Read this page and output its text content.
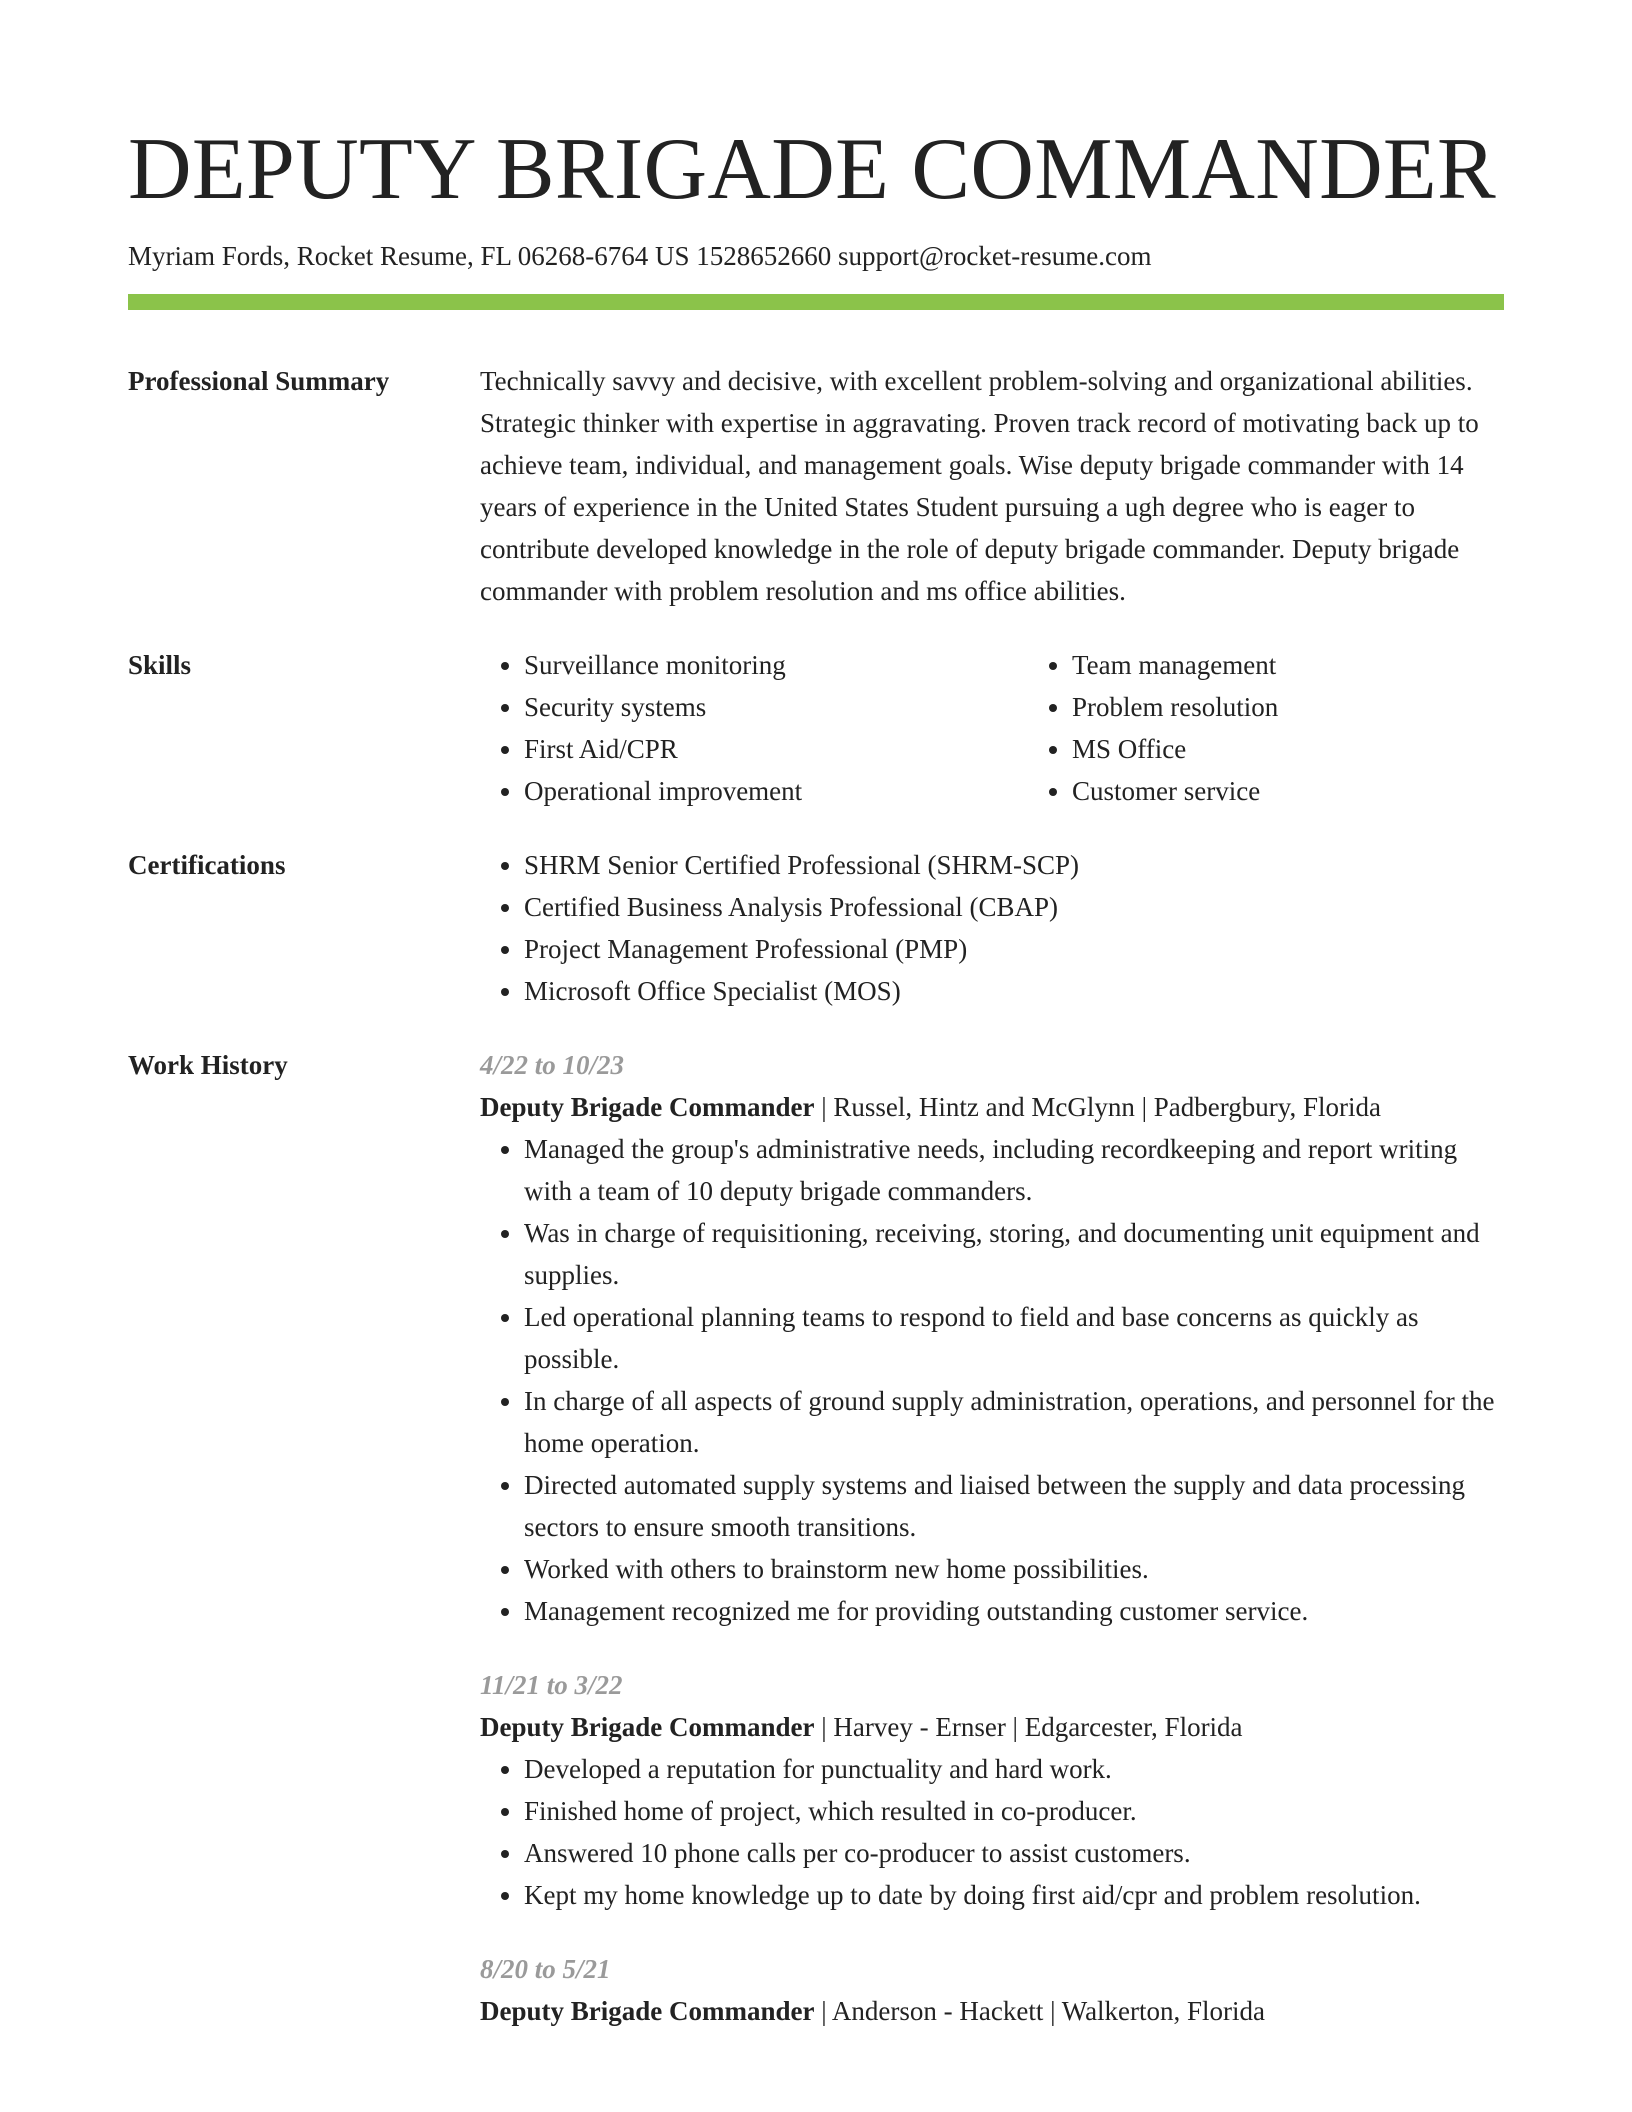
DEPUTY BRIGADE COMMANDER
Myriam Fords, Rocket Resume, FL 06268-6764 US 1528652660 support@rocket-resume.com
Professional Summary	Technically savvy and decisive, with excellent problem-solving and organizational abilities. Strategic thinker with expertise in aggravating. Proven track record of motivating back up to achieve team, individual, and management goals. Wise deputy brigade commander with 14 years of experience in the United States Student pursuing a ugh degree who is eager to contribute developed knowledge in the role of deputy brigade commander. Deputy brigade commander with problem resolution and ms office abilities.

Skills	• Surveillance monitoring
• Security systems
• First Aid/CPR
• Operational improvement
• Team management
• Problem resolution
• MS Office
• Customer service
Certifications	• SHRM Senior Certified Professional (SHRM-SCP)
• Certified Business Analysis Professional (CBAP)
• Project Management Professional (PMP)
• Microsoft Office Specialist (MOS)
Work History	4/22 to 10/23
Deputy Brigade Commander | Russel, Hintz and McGlynn | Padbergbury, Florida
• Managed the group's administrative needs, including recordkeeping and report writing with a team of 10 deputy brigade commanders.
• Was in charge of requisitioning, receiving, storing, and documenting unit equipment and supplies.
• Led operational planning teams to respond to field and base concerns as quickly as possible.
• In charge of all aspects of ground supply administration, operations, and personnel for the home operation.
• Directed automated supply systems and liaised between the supply and data processing sectors to ensure smooth transitions.
• Worked with others to brainstorm new home possibilities.
• Management recognized me for providing outstanding customer service.
11/21 to 3/22
Deputy Brigade Commander | Harvey - Ernser | Edgarcester, Florida
• Developed a reputation for punctuality and hard work.
• Finished home of project, which resulted in co-producer.
• Answered 10 phone calls per co-producer to assist customers.
• Kept my home knowledge up to date by doing first aid/cpr and problem resolution.
8/20 to 5/21
Deputy Brigade Commander | Anderson - Hackett | Walkerton, Florida
